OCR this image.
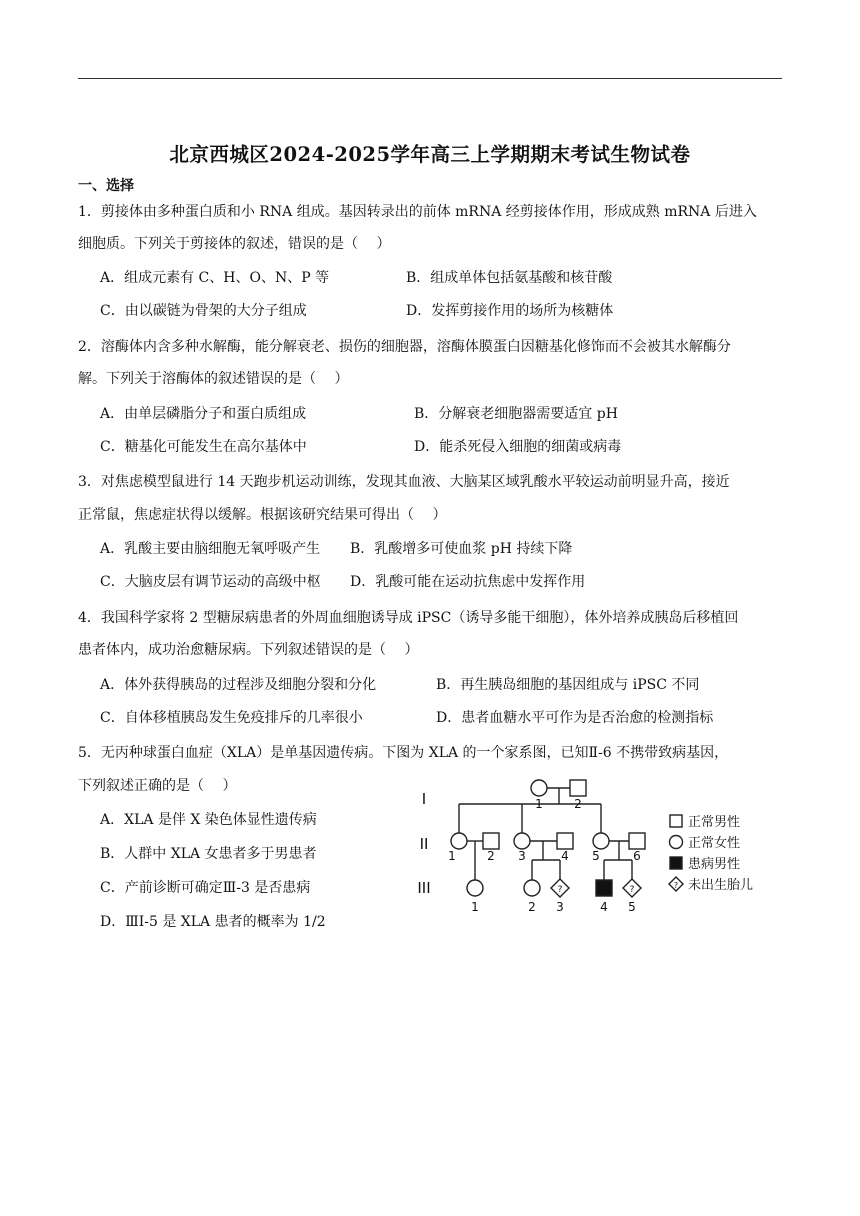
北京西城区2024-2025学年高三上学期期末考试生物试卷
一、选择
1．剪接体由多种蛋白质和小 RNA 组成。基因转录出的前体 mRNA 经剪接体作用，形成成熟 mRNA 后进入
细胞质。下列关于剪接体的叙述，错误的是（　 ）
A．组成元素有 C、H、O、N、P 等	B．组成单体包括氨基酸和核苷酸
C．由以碳链为骨架的大分子组成	D．发挥剪接作用的场所为核糖体
2．溶酶体内含多种水解酶，能分解衰老、损伤的细胞器，溶酶体膜蛋白因糖基化修饰而不会被其水解酶分
解。下列关于溶酶体的叙述错误的是（　 ）
A．由单层磷脂分子和蛋白质组成	B．分解衰老细胞器需要适宜 pH
C．糖基化可能发生在高尔基体中	D．能杀死侵入细胞的细菌或病毒
3．对焦虑模型鼠进行 14 天跑步机运动训练，发现其血液、大脑某区域乳酸水平较运动前明显升高，接近
正常鼠，焦虑症状得以缓解。根据该研究结果可得出（　 ）
A．乳酸主要由脑细胞无氧呼吸产生 B．乳酸增多可使血浆 pH 持续下降
C．大脑皮层有调节运动的高级中枢 D．乳酸可能在运动抗焦虑中发挥作用
4．我国科学家将 2 型糖尿病患者的外周血细胞诱导成 iPSC（诱导多能干细胞），体外培养成胰岛后移植回
患者体内，成功治愈糖尿病。下列叙述错误的是（　 ）
A．体外获得胰岛的过程涉及细胞分裂和分化	B．再生胰岛细胞的基因组成与 iPSC 不同
C．自体移植胰岛发生免疫排斥的几率很小	D．患者血糖水平可作为是否治愈的检测指标
5．无丙种球蛋白血症（XLA）是单基因遗传病。下图为 XLA 的一个家系图，已知Ⅱ-6 不携带致病基因，
下列叙述正确的是（　 ）
A．XLA 是伴 X 染色体显性遗传病
B．人群中 XLA 女患者多于男患者
C．产前诊断可确定Ⅲ-3 是否患病
D．ⅢI-5 是 XLA 患者的概率为 1/2
I
II
III
1	2
1	2 3	4 5	6
1	2 3	4 5
?	?	?
正常男性
正常女性
患病男性
未出生胎儿
